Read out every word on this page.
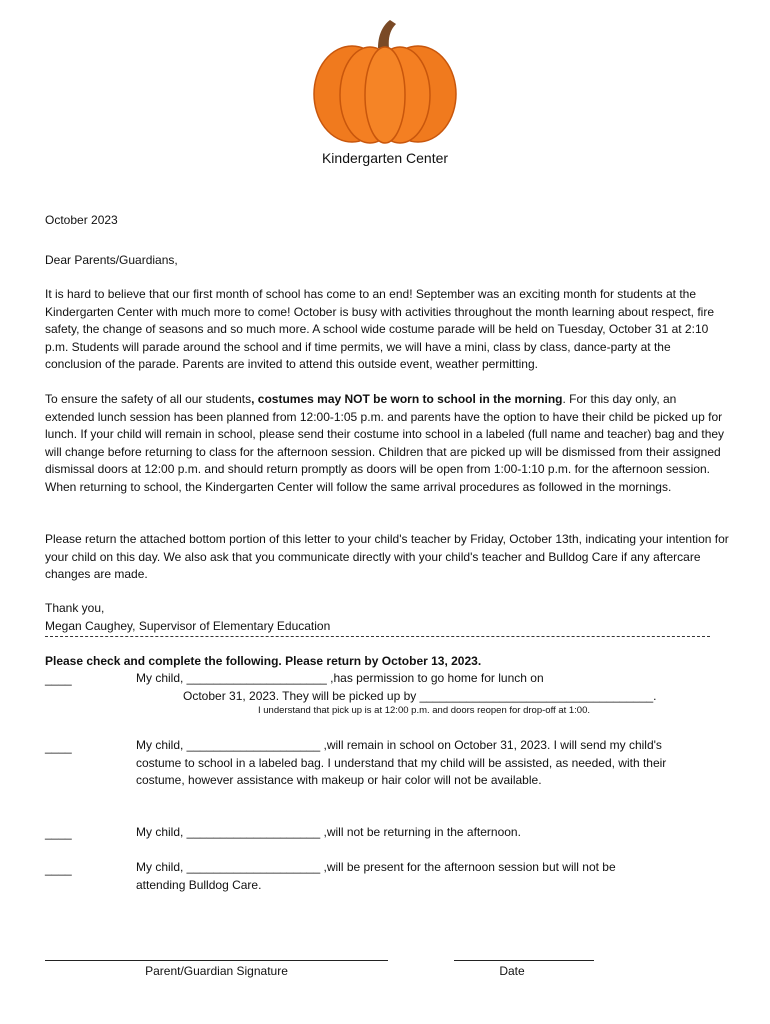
Kindergarten Center
October 2023
Dear Parents/Guardians,

It is hard to believe that our first month of school has come to an end! September was an exciting month for students at the Kindergarten Center with much more to come! October is busy with activities throughout the month learning about respect, fire safety, the change of seasons and so much more. A school wide costume parade will be held on Tuesday, October 31 at 2:10 p.m. Students will parade around the school and if time permits, we will have a mini, class by class, dance-party at the conclusion of the parade. Parents are invited to attend this outside event, weather permitting.

To ensure the safety of all our students, costumes may NOT be worn to school in the morning. For this day only, an extended lunch session has been planned from 12:00-1:05 p.m. and parents have the option to have their child be picked up for lunch. If your child will remain in school, please send their costume into school in a labeled (full name and teacher) bag and they will change before returning to class for the afternoon session. Children that are picked up will be dismissed from their assigned dismissal doors at 12:00 p.m. and should return promptly as doors will be open from 1:00-1:10 p.m. for the afternoon session. When returning to school, the Kindergarten Center will follow the same arrival procedures as followed in the mornings.

Please return the attached bottom portion of this letter to your child's teacher by Friday, October 13th, indicating your intention for your child on this day. We also ask that you communicate directly with your child's teacher and Bulldog Care if any aftercare changes are made.

Thank you,
Megan Caughey, Supervisor of Elementary Education
Please check and complete the following. Please return by October 13, 2023.
____	My child, _____________________ ,has permission to go home for lunch on
October 31, 2023. They will be picked up by ___________________________________.
I understand that pick up is at 12:00 p.m. and doors reopen for drop-off at 1:00.
____	My child, ____________________ ,will remain in school on October 31, 2023. I will send my child's costume to school in a labeled bag. I understand that my child will be assisted, as needed, with their costume, however assistance with makeup or hair color will not be available.
____	My child, ____________________ ,will not be returning in the afternoon.
____	My child, ____________________ ,will be present for the afternoon session but will not be attending Bulldog Care.
Parent/Guardian Signature	Date
